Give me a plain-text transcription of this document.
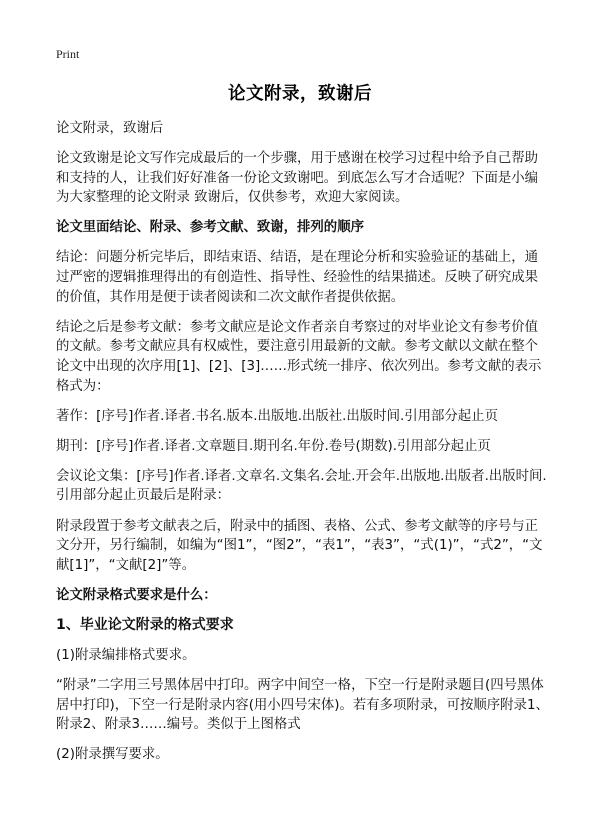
Print
论文附录，致谢后

论文附录，致谢后

论文致谢是论文写作完成最后的一个步骤，用于感谢在校学习过程中给予自己帮助和支持的人，让我们好好准备一份论文致谢吧。到底怎么写才合适呢？下面是小编为大家整理的论文附录 致谢后，仅供参考，欢迎大家阅读。

论文里面结论、附录、参考文献、致谢，排列的顺序

结论：问题分析完毕后，即结束语、结语，是在理论分析和实验验证的基础上，通过严密的逻辑推理得出的有创造性、指导性、经验性的结果描述。反映了研究成果的价值，其作用是便于读者阅读和二次文献作者提供依据。

结论之后是参考文献：参考文献应是论文作者亲自考察过的对毕业论文有参考价值的文献。参考文献应具有权威性，要注意引用最新的文献。参考文献以文献在整个论文中出现的次序用[1]、[2]、[3]……形式统一排序、依次列出。参考文献的表示格式为：

著作：[序号]作者.译者.书名.版本.出版地.出版社.出版时间.引用部分起止页

期刊：[序号]作者.译者.文章题目.期刊名.年份.卷号(期数).引用部分起止页

会议论文集：[序号]作者.译者.文章名.文集名.会址.开会年.出版地.出版者.出版时间.引用部分起止页最后是附录：

附录段置于参考文献表之后，附录中的插图、表格、公式、参考文献等的序号与正文分开，另行编制，如编为“图1”，“图2”，“表1”，“表3”，“式(1)”，“式2”，“文献[1]”，“文献[2]”等。

论文附录格式要求是什么：
1、毕业论文附录的格式要求

(1)附录编排格式要求。

“附录”二字用三号黑体居中打印。两字中间空一格，下空一行是附录题目(四号黑体居中打印)，下空一行是附录内容(用小四号宋体)。若有多项附录，可按顺序附录1、附录2、附录3……编号。类似于上图格式

(2)附录撰写要求。
